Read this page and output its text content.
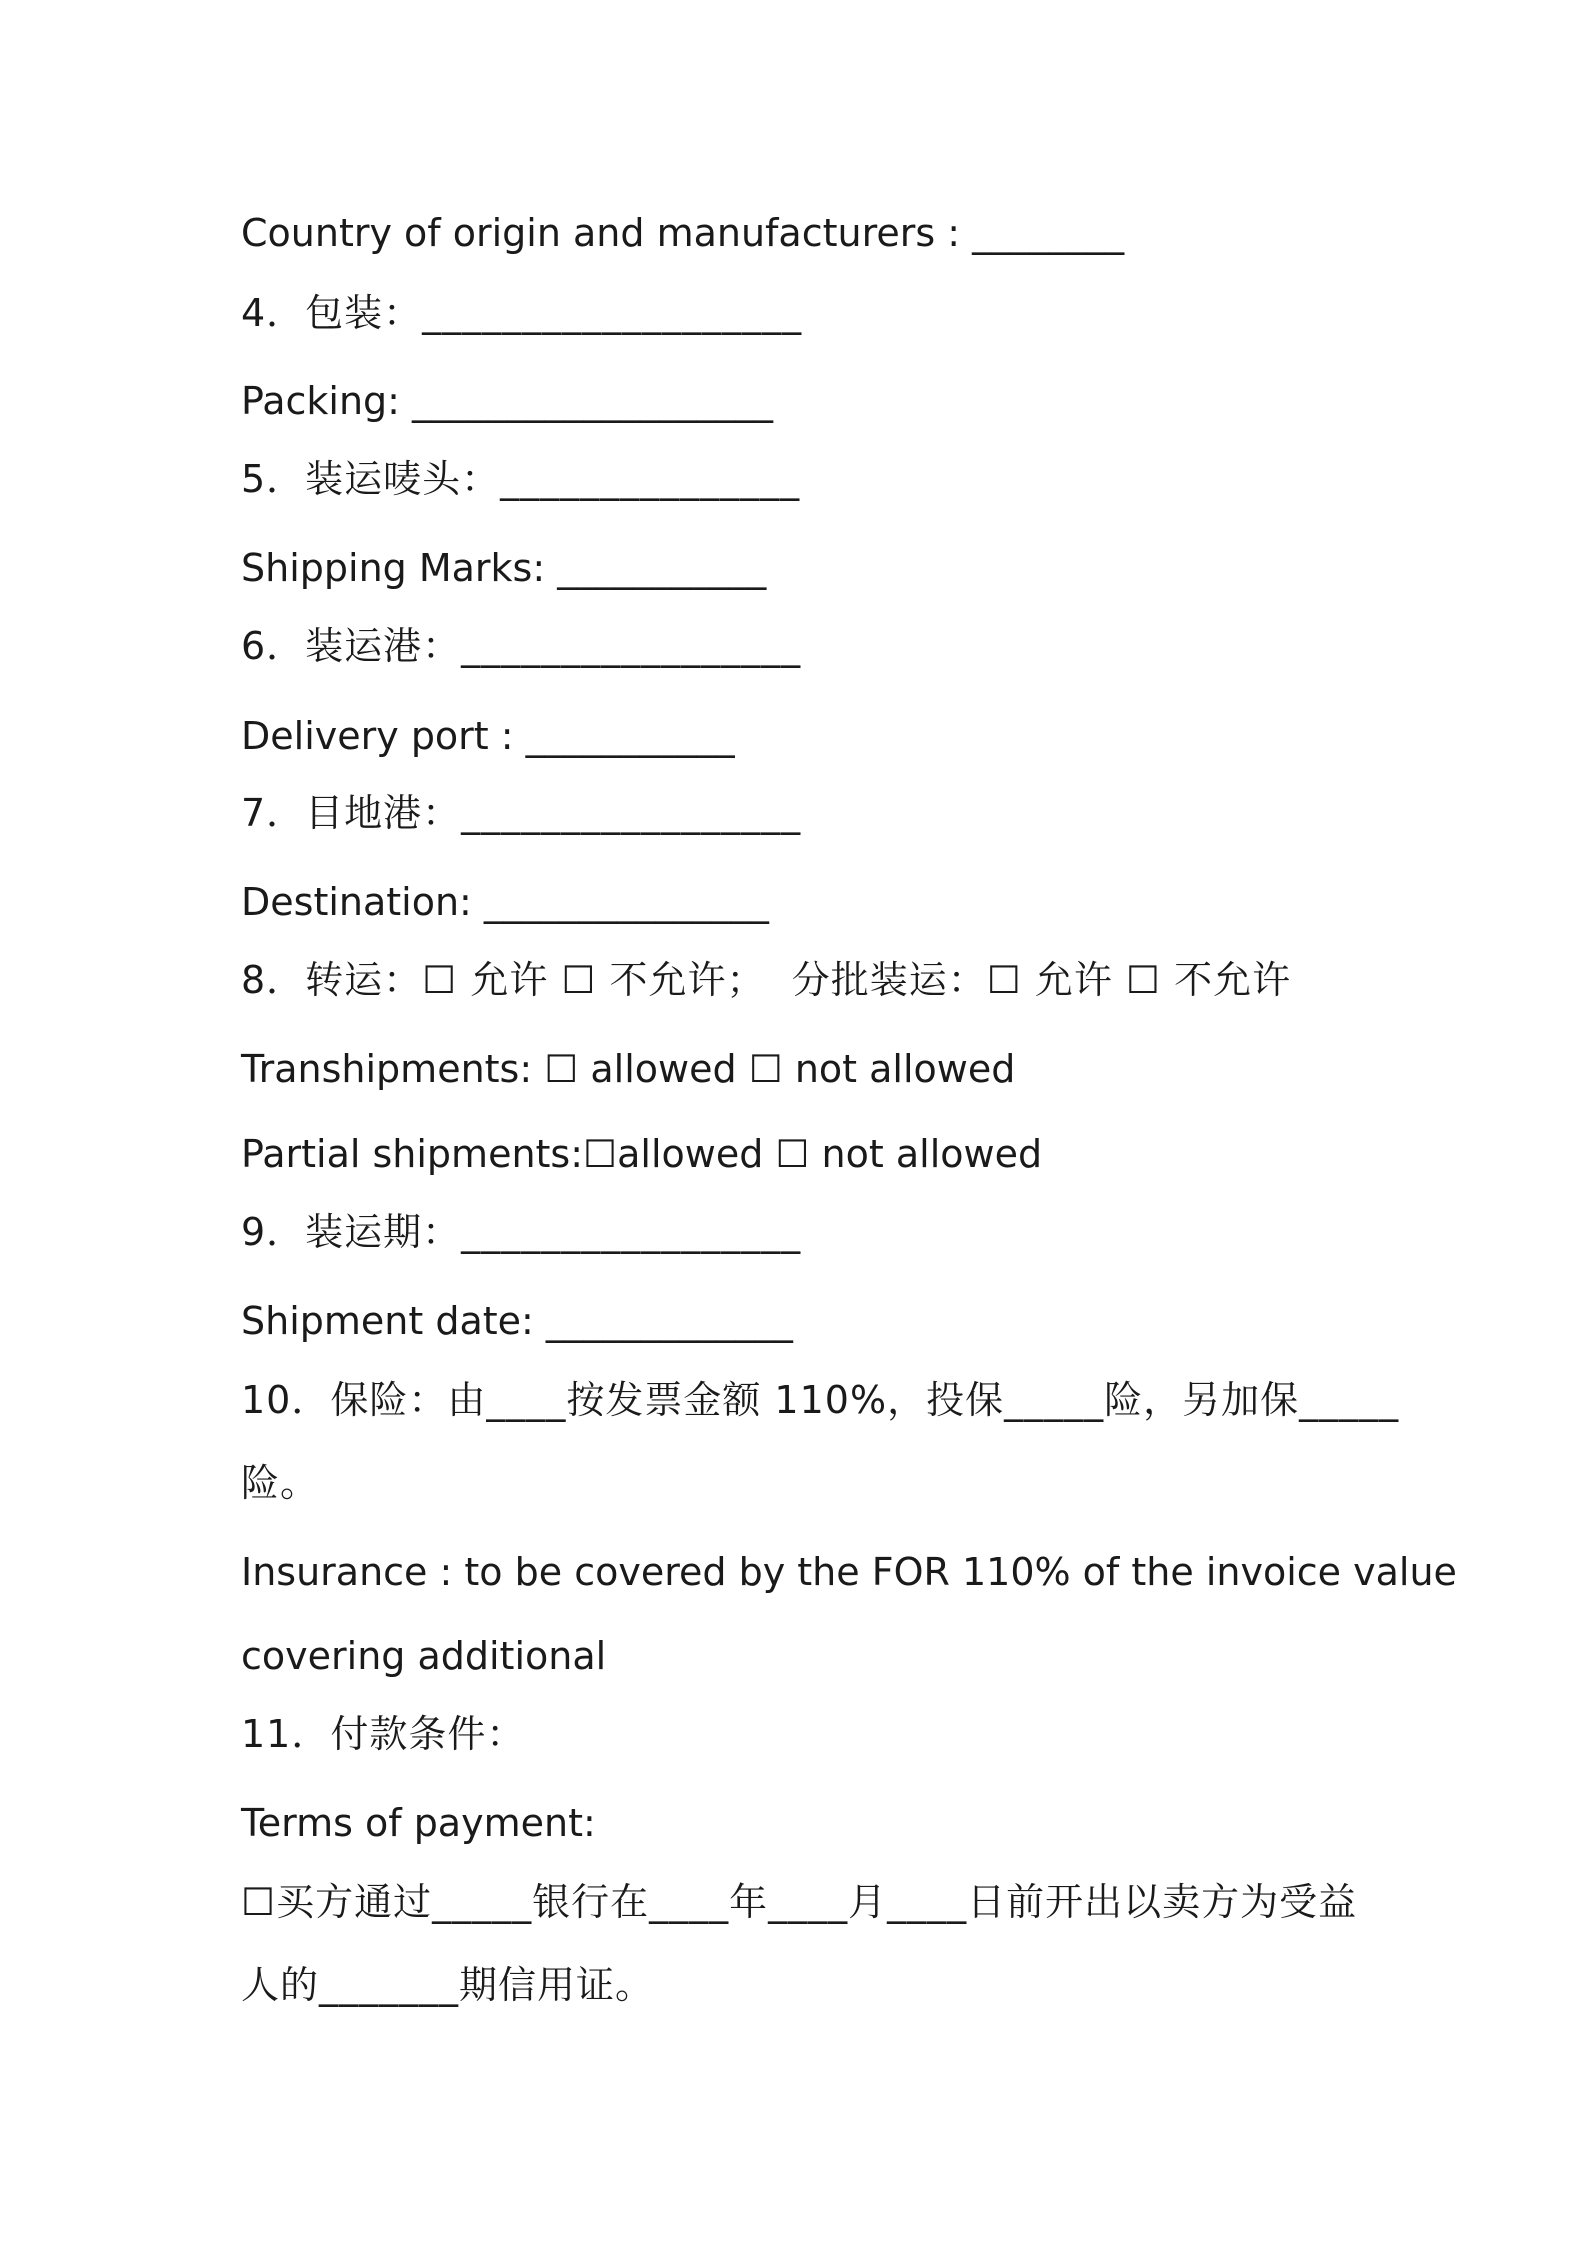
Country of origin and manufacturers : ________
4．包装：___________________
Packing: ___________________
5．装运唛头：_______________
Shipping Marks: ___________
6．装运港：_________________
Delivery port : ___________
7．目地港：_________________
Destination: _______________
8．转运：☐ 允许 ☐ 不允许；  分批装运：☐ 允许 ☐ 不允许
Transhipments: ☐ allowed ☐ not allowed
Partial shipments:☐allowed ☐ not allowed
9．装运期：_________________
Shipment date: _____________
10．保险：由____按发票金额 110%，投保_____险，另加保_____
险。
Insurance : to be covered by the FOR 110% of the invoice value
covering additional
11．付款条件：
Terms of payment:
☐买方通过_____银行在____年____月____日前开出以卖方为受益
人的_______期信用证。
